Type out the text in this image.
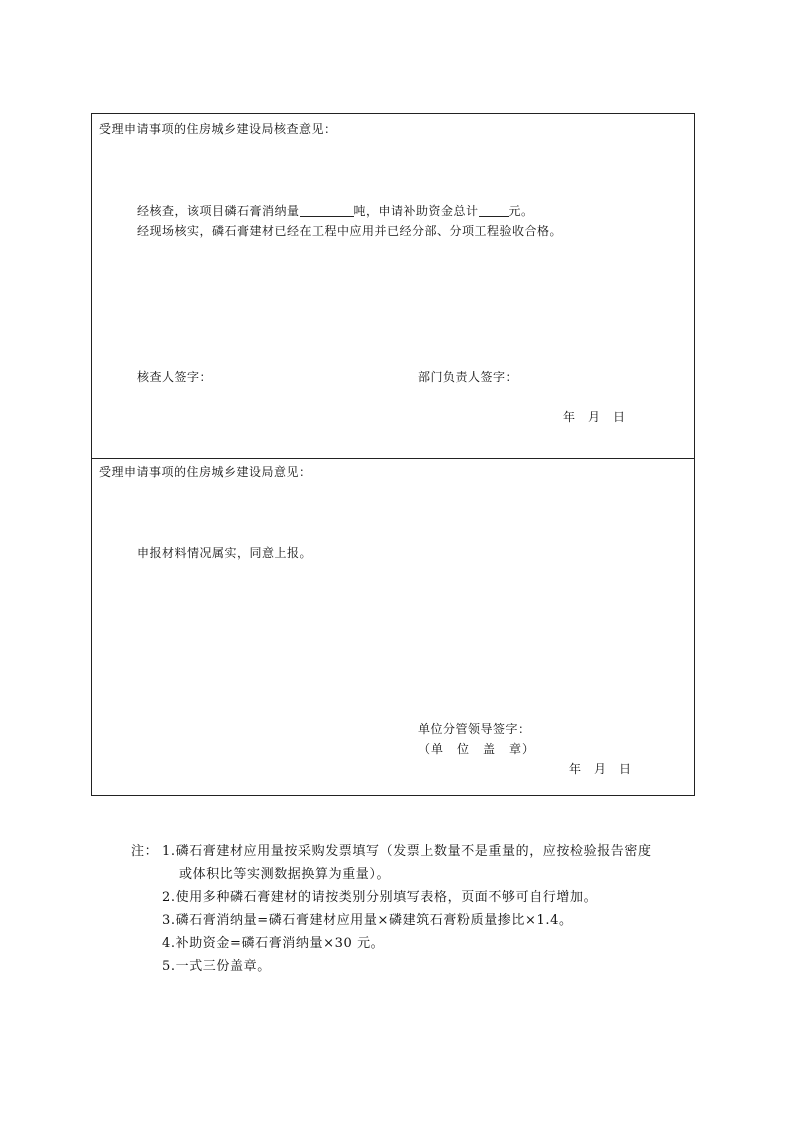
受理申请事项的住房城乡建设局核查意见：
经核查，该项目磷石膏消纳量	吨，申请补助资金总计	元。
经现场核实，磷石膏建材已经在工程中应用并已经分部、分项工程验收合格。
核查人签字：	部门负责人签字：
年　月　日
受理申请事项的住房城乡建设局意见：
申报材料情况属实，同意上报。
单位分管领导签字：
（单　位　盖　章）
年　月　日
注： 1.磷石膏建材应用量按采购发票填写（发票上数量不是重量的，应按检验报告密度
或体积比等实测数据换算为重量）。
2.使用多种磷石膏建材的请按类别分别填写表格，页面不够可自行增加。
3.磷石膏消纳量=磷石膏建材应用量×磷建筑石膏粉质量掺比×1.4。
4.补助资金=磷石膏消纳量×30 元。
5.一式三份盖章。
